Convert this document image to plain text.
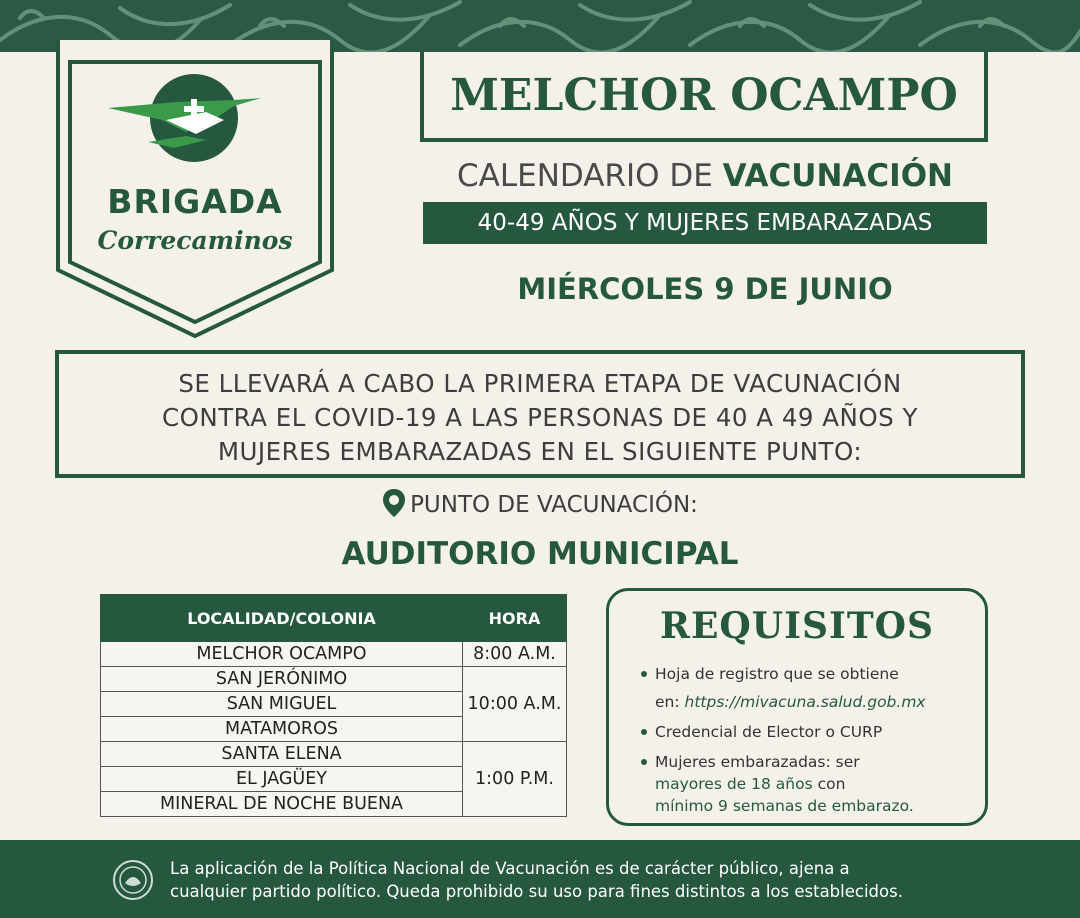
BRIGADA
Correcaminos
MELCHOR OCAMPO
CALENDARIO DE VACUNACIÓN
40-49 AÑOS Y MUJERES EMBARAZADAS
MIÉRCOLES 9 DE JUNIO
SE LLEVARÁ A CABO LA PRIMERA ETAPA DE VACUNACIÓN
CONTRA EL COVID-19 A LAS PERSONAS DE 40 A 49 AÑOS Y
MUJERES EMBARAZADAS EN EL SIGUIENTE PUNTO:
PUNTO DE VACUNACIÓN:
AUDITORIO MUNICIPAL
LOCALIDAD/COLONIA	HORA
MELCHOR OCAMPO	8:00 A.M.
SAN JERÓNIMO	10:00 A.M.
SAN MIGUEL	
MATAMOROS	
SANTA ELENA	1:00 P.M.
EL JAGÜEY	
MINERAL DE NOCHE BUENA	
REQUISITOS
Hoja de registro que se obtiene
en: https://mivacuna.salud.gob.mx
Credencial de Elector o CURP
Mujeres embarazadas: ser
mayores de 18 años con
mínimo 9 semanas de embarazo.
La aplicación de la Política Nacional de Vacunación es de carácter público, ajena a
cualquier partido político. Queda prohibido su uso para fines distintos a los establecidos.
